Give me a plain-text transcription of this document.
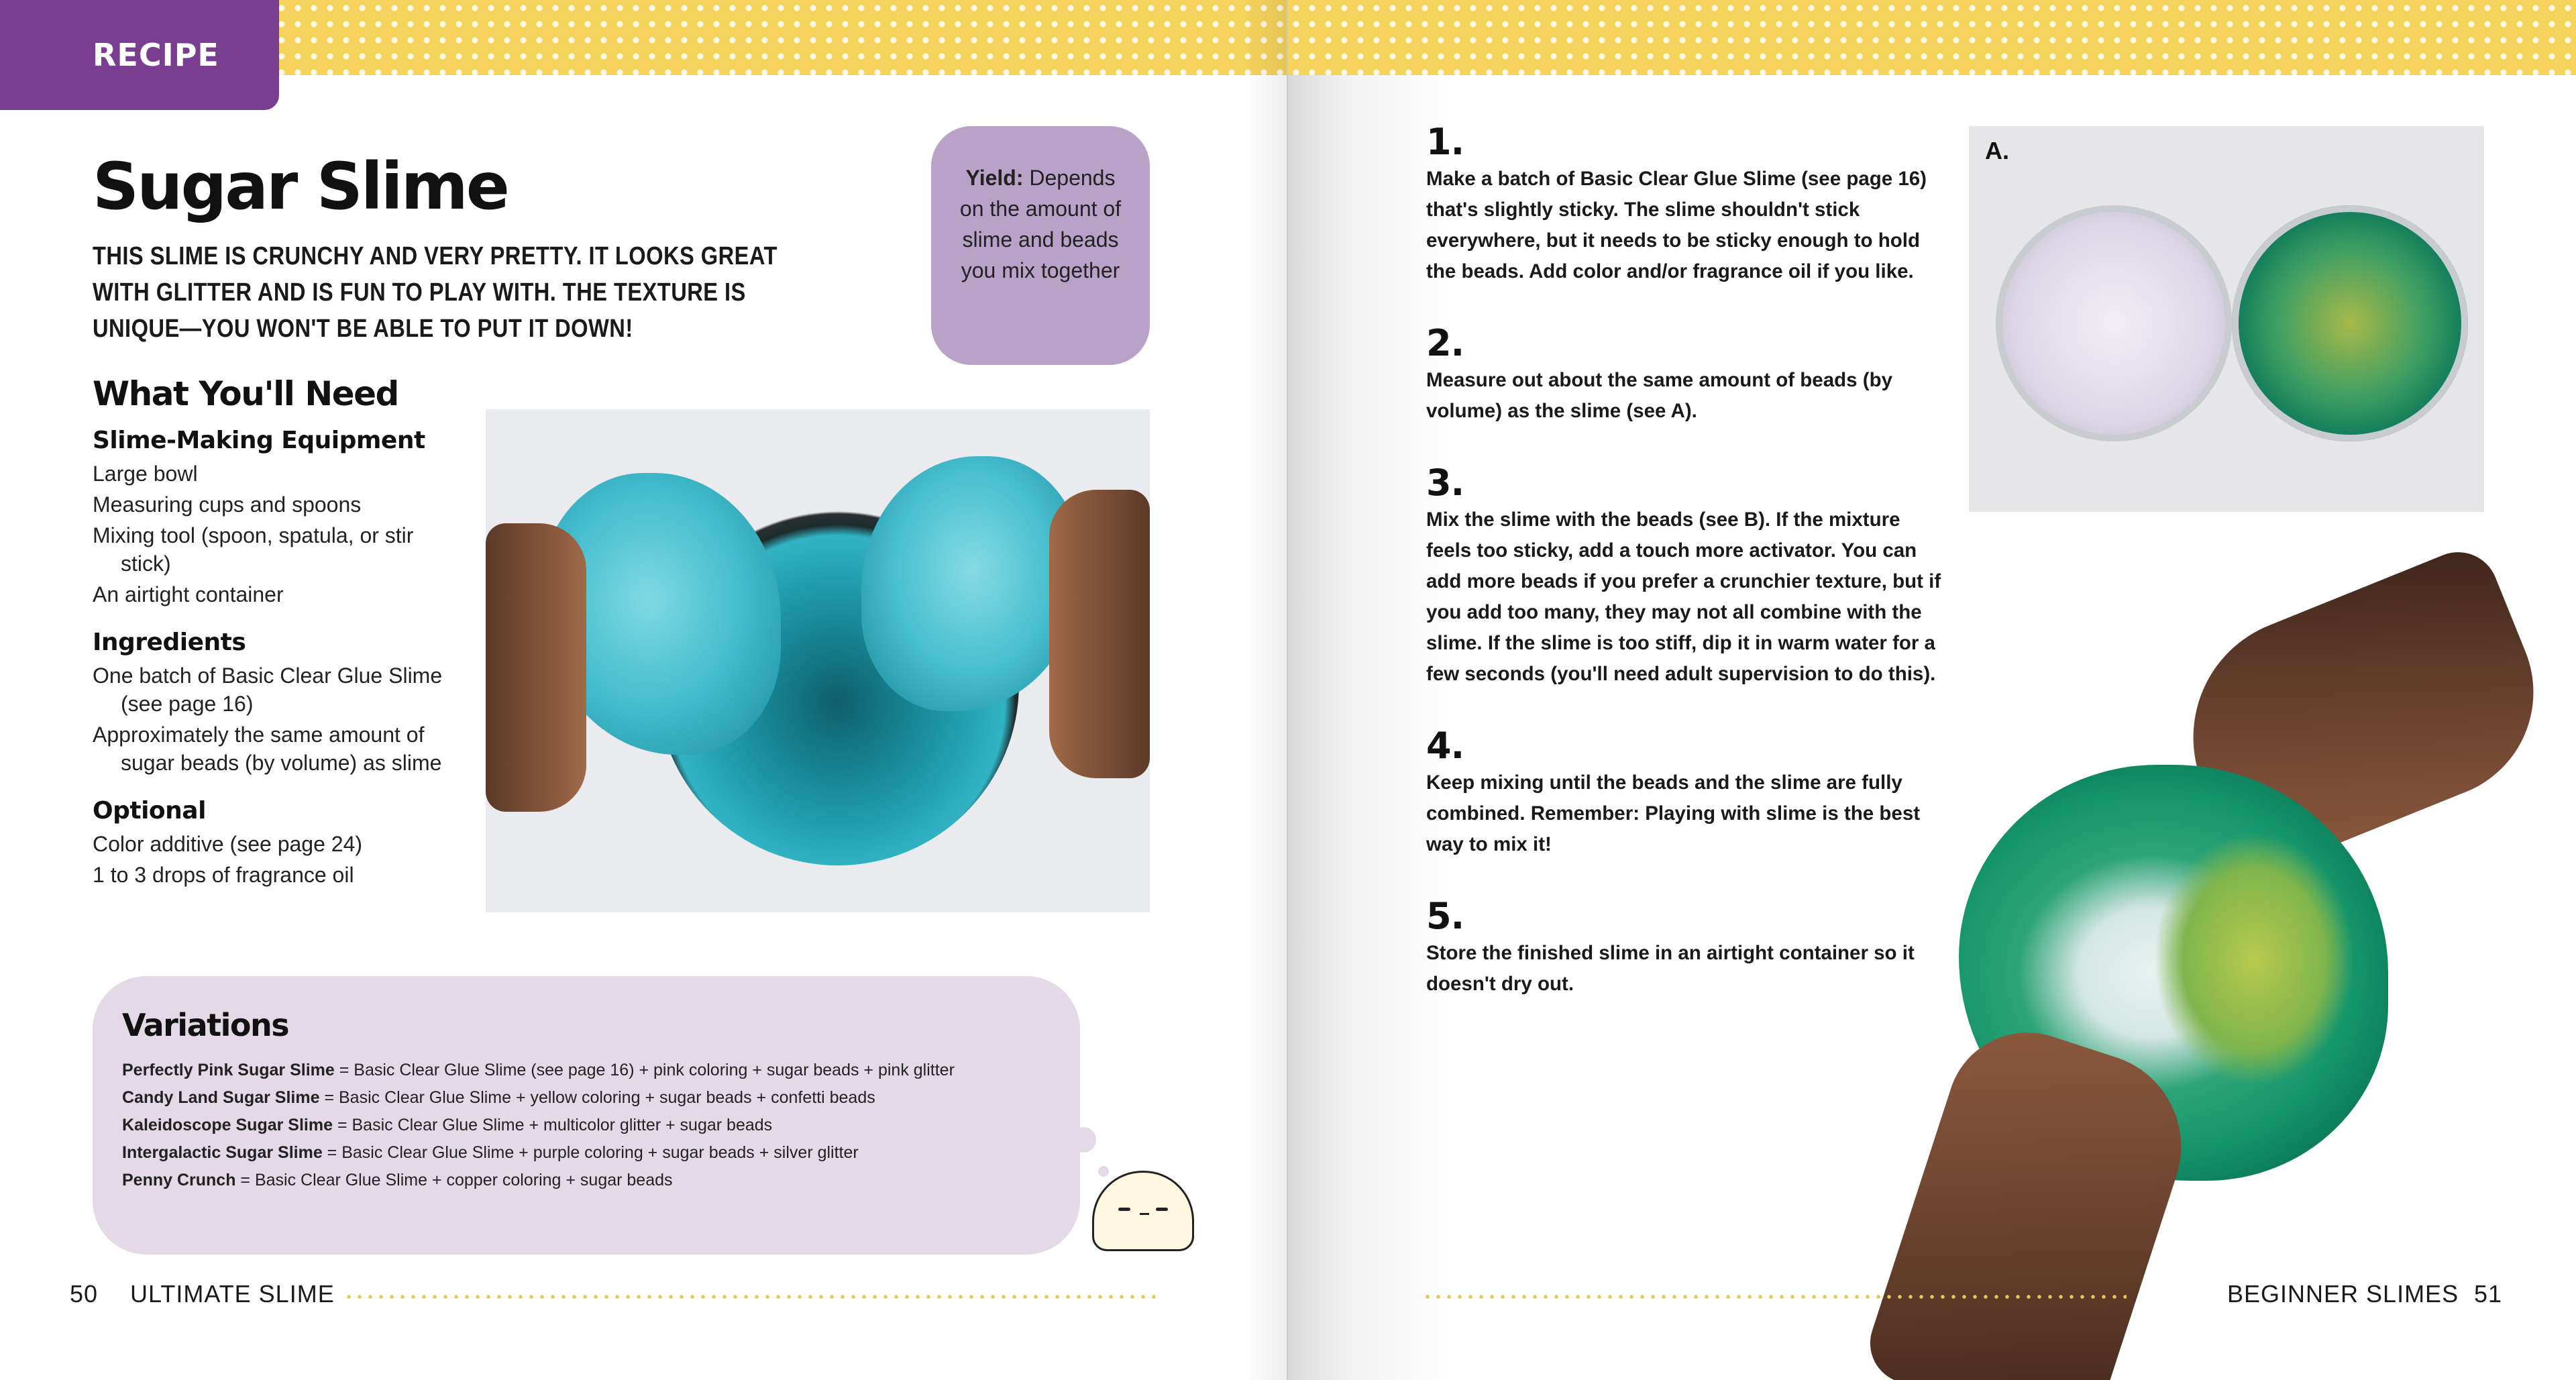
RECIPE
Sugar Slime
THIS SLIME IS CRUNCHY AND VERY PRETTY. IT LOOKS GREAT WITH GLITTER AND IS FUN TO PLAY WITH. THE TEXTURE IS UNIQUE—YOU WON'T BE ABLE TO PUT IT DOWN!
Yield: Depends on the amount of slime and beads you mix together
What You'll Need
Slime-Making Equipment
Large bowl
Measuring cups and spoons
Mixing tool (spoon, spatula, or stir stick)
An airtight container
Ingredients
One batch of Basic Clear Glue Slime (see page 16)
Approximately the same amount of sugar beads (by volume) as slime
Optional
Color additive (see page 24)
1 to 3 drops of fragrance oil
Variations
Perfectly Pink Sugar Slime = Basic Clear Glue Slime (see page 16) + pink coloring + sugar beads + pink glitter
Candy Land Sugar Slime = Basic Clear Glue Slime + yellow coloring + sugar beads + confetti beads
Kaleidoscope Sugar Slime = Basic Clear Glue Slime + multicolor glitter + sugar beads
Intergalactic Sugar Slime = Basic Clear Glue Slime + purple coloring + sugar beads + silver glitter
Penny Crunch = Basic Clear Glue Slime + copper coloring + sugar beads
50 ULTIMATE SLIME
1.
Make a batch of Basic Clear Glue Slime (see page 16) that's slightly sticky. The slime shouldn't stick everywhere, but it needs to be sticky enough to hold the beads. Add color and/or fragrance oil if you like.
2.
Measure out about the same amount of beads (by volume) as the slime (see A).
3.
Mix the slime with the beads (see B). If the mixture feels too sticky, add a touch more activator. You can add more beads if you prefer a crunchier texture, but if you add too many, they may not all combine with the slime. If the slime is too stiff, dip it in warm water for a few seconds (you'll need adult supervision to do this).
4.
Keep mixing until the beads and the slime are fully combined. Remember: Playing with slime is the best way to mix it!
5.
Store the finished slime in an airtight container so it doesn't dry out.
A.
BEGINNER SLIMES 51
